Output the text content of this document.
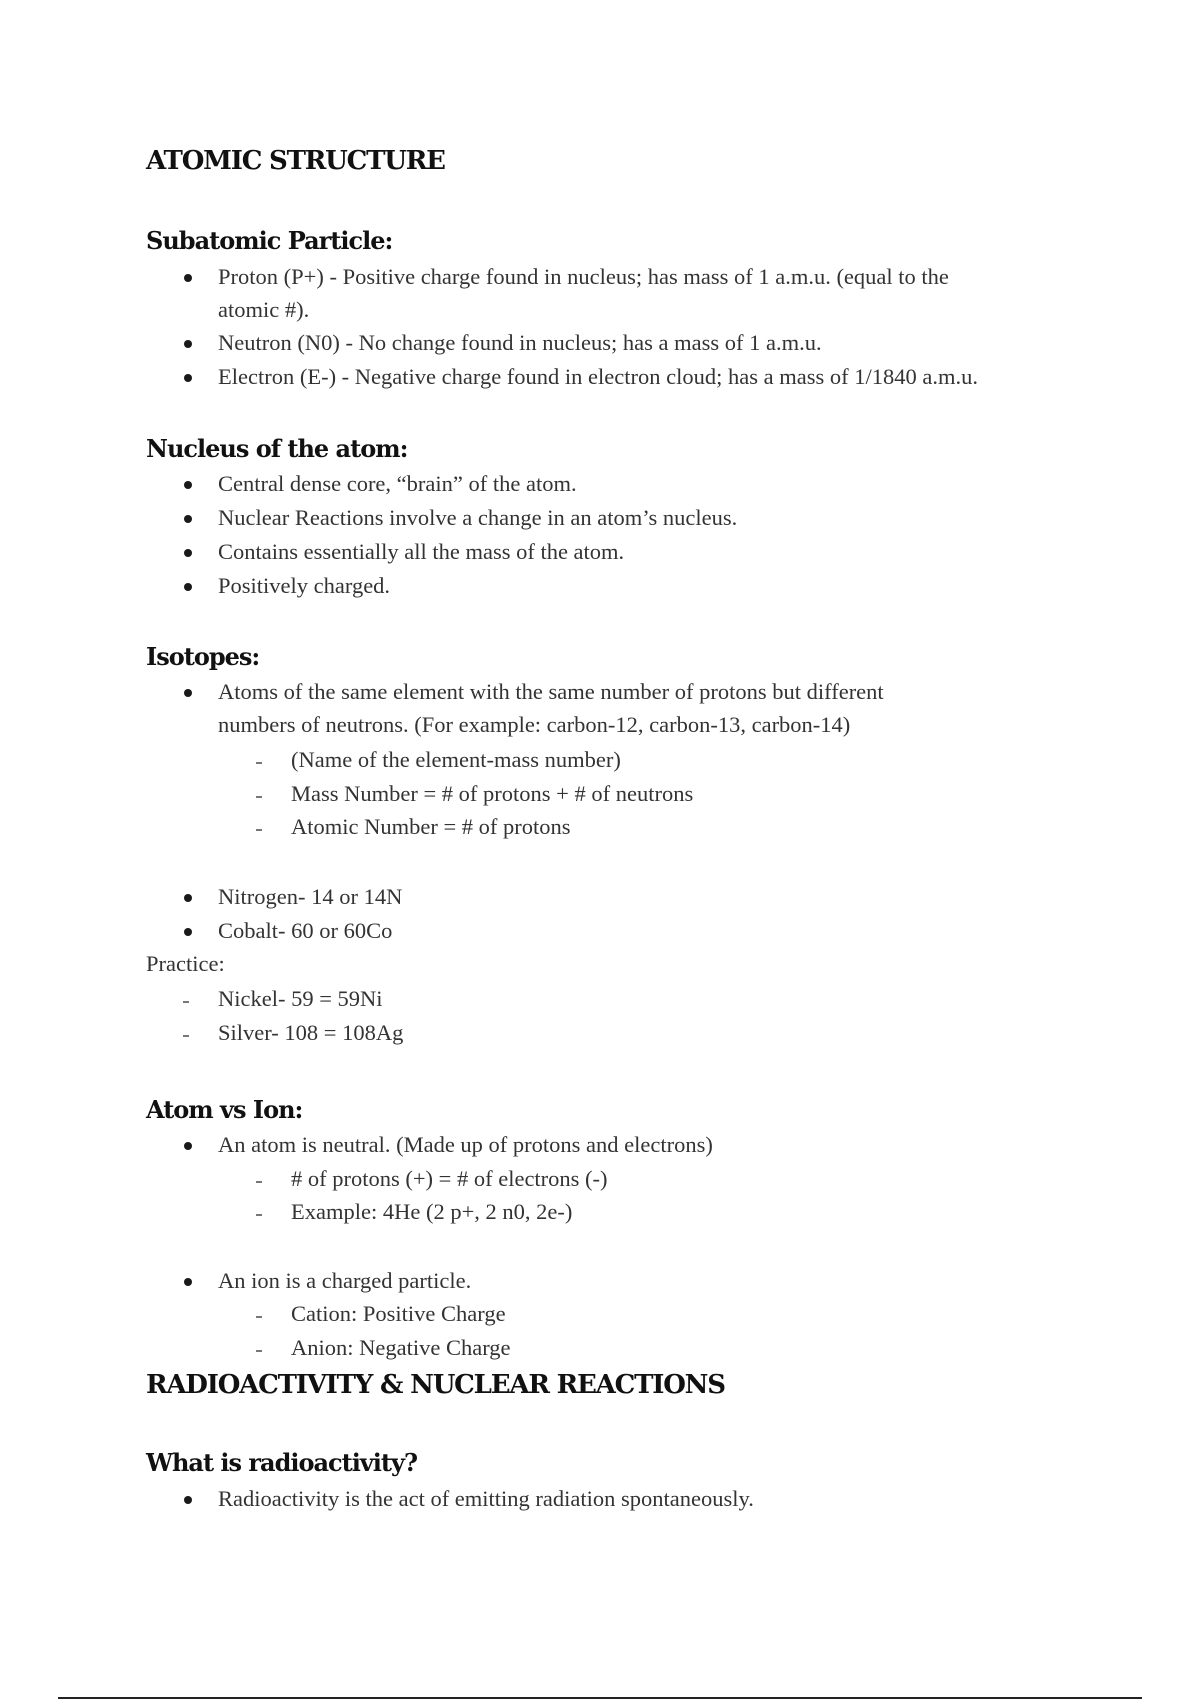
ATOMIC STRUCTURE
Subatomic Particle:
Proton (P+) - Positive charge found in nucleus; has mass of 1 a.m.u. (equal to the
atomic #).
Neutron (N0) - No change found in nucleus; has a mass of 1 a.m.u.
Electron (E-) - Negative charge found in electron cloud; has a mass of 1/1840 a.m.u.
Nucleus of the atom:
Central dense core, “brain” of the atom.
Nuclear Reactions involve a change in an atom’s nucleus.
Contains essentially all the mass of the atom.
Positively charged.
Isotopes:
Atoms of the same element with the same number of protons but different
numbers of neutrons. (For example: carbon-12, carbon-13, carbon-14)
(Name of the element-mass number)
Mass Number = # of protons + # of neutrons
Atomic Number = # of protons
Nitrogen- 14 or 14N
Cobalt- 60 or 60Co
Practice:
Nickel- 59 = 59Ni
Silver- 108 = 108Ag
Atom vs Ion:
An atom is neutral. (Made up of protons and electrons)
# of protons (+) = # of electrons (-)
Example: 4He (2 p+, 2 n0, 2e-)
An ion is a charged particle.
Cation: Positive Charge
Anion: Negative Charge
RADIOACTIVITY & NUCLEAR REACTIONS
What is radioactivity?
Radioactivity is the act of emitting radiation spontaneously.
